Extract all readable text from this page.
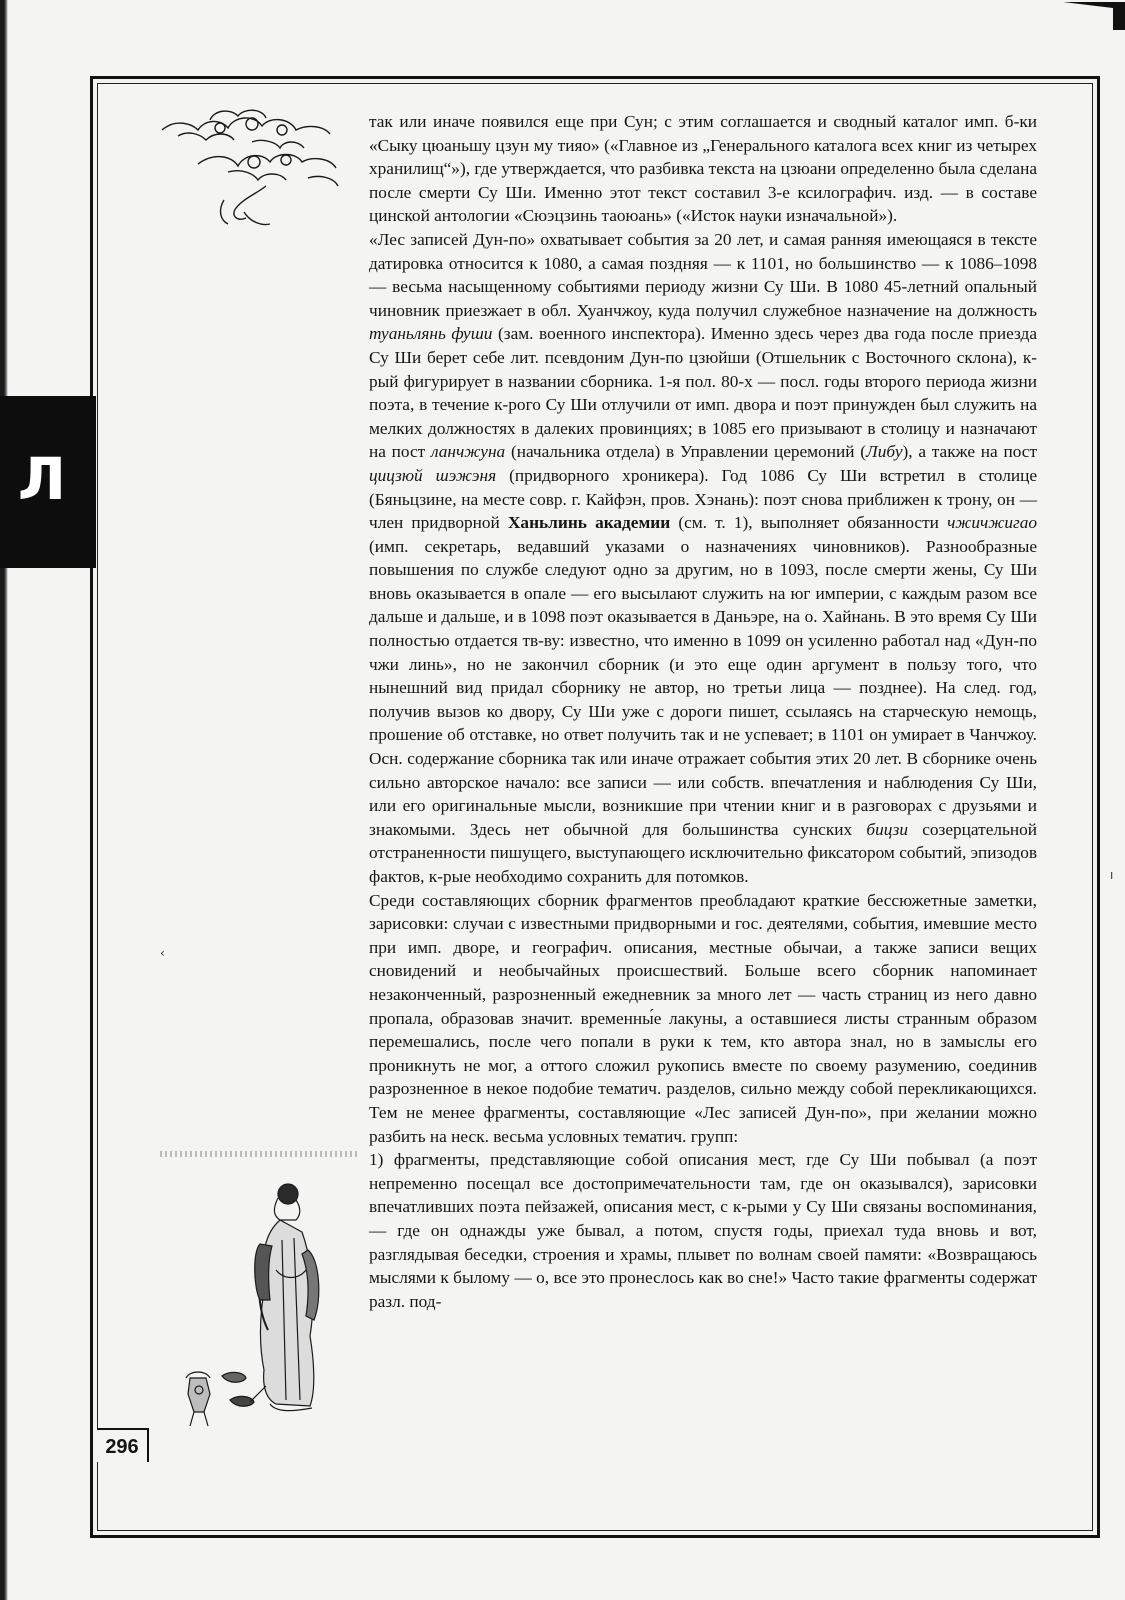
Л

так или иначе появился еще при Сун; с этим соглашается и сводный каталог имп. б-ки «Сыку цюаньшу цзун му тияо» («Главное из „Генерального каталога всех книг из четырех хранилищ“»), где утверждается, что разбивка текста на цзюани определенно была сделана после смерти Су Ши. Именно этот текст составил 3-е ксилографич. изд. — в составе цинской антологии «Сюэцзинь таоюань» («Исток науки изначальной»).

«Лес записей Дун-по» охватывает события за 20 лет, и самая ранняя имеющаяся в тексте датировка относится к 1080, а самая поздняя — к 1101, но большинство — к 1086–1098 — весьма насыщенному событиями периоду жизни Су Ши. В 1080 45-летний опальный чиновник приезжает в обл. Хуанчжоу, куда получил служебное назначение на должность туаньлянь фуши (зам. военного инспектора). Именно здесь через два года после приезда Су Ши берет себе лит. псевдоним Дун-по цзюйши (Отшельник с Восточного склона), к-рый фигурирует в названии сборника. 1-я пол. 80-х — посл. годы второго периода жизни поэта, в течение к-рого Су Ши отлучили от имп. двора и поэт принужден был служить на мелких должностях в далеких провинциях; в 1085 его призывают в столицу и назначают на пост ланчжуна (начальника отдела) в Управлении церемоний (Либу), а также на пост цицзюй шэжэня (придворного хроникера). Год 1086 Су Ши встретил в столице (Бяньцзине, на месте совр. г. Кайфэн, пров. Хэнань): поэт снова приближен к трону, он — член придворной Ханьлинь академии (см. т. 1), выполняет обязанности чжичжигао (имп. секретарь, ведавший указами о назначениях чиновников). Разнообразные повышения по службе следуют одно за другим, но в 1093, после смерти жены, Су Ши вновь оказывается в опале — его высылают служить на юг империи, с каждым разом все дальше и дальше, и в 1098 поэт оказывается в Даньэре, на о. Хайнань. В это время Су Ши полностью отдается тв-ву: известно, что именно в 1099 он усиленно работал над «Дун-по чжи линь», но не закончил сборник (и это еще один аргумент в пользу того, что нынешний вид придал сборнику не автор, но третьи лица — позднее). На след. год, получив вызов ко двору, Су Ши уже с дороги пишет, ссылаясь на старческую немощь, прошение об отставке, но ответ получить так и не успевает; в 1101 он умирает в Чанчжоу. Осн. содержание сборника так или иначе отражает события этих 20 лет. В сборнике очень сильно авторское начало: все записи — или собств. впечатления и наблюдения Су Ши, или его оригинальные мысли, возникшие при чтении книг и в разговорах с друзьями и знакомыми. Здесь нет обычной для большинства сунских бицзи созерцательной отстраненности пишущего, выступающего исключительно фиксатором событий, эпизодов фактов, к-рые необходимо сохранить для потомков.

Среди составляющих сборник фрагментов преобладают краткие бессюжетные заметки, зарисовки: случаи с известными придворными и гос. деятелями, события, имевшие место при имп. дворе, и географич. описания, местные обычаи, а также записи вещих сновидений и необычайных происшествий. Больше всего сборник напоминает незаконченный, разрозненный ежедневник за много лет — часть страниц из него давно пропала, образовав значит. временны́е лакуны, а оставшиеся листы странным образом перемешались, после чего попали в руки к тем, кто автора знал, но в замыслы его проникнуть не мог, а оттого сложил рукопись вместе по своему разумению, соединив разрозненное в некое подобие тематич. разделов, сильно между собой перекликающихся. Тем не менее фрагменты, составляющие «Лес записей Дун-по», при желании можно разбить на неск. весьма условных тематич. групп:

1) фрагменты, представляющие собой описания мест, где Су Ши побывал (а поэт непременно посещал все достопримечательности там, где он оказывался), зарисовки впечатливших поэта пейзажей, описания мест, с к-рыми у Су Ши связаны воспоминания, — где он однажды уже бывал, а потом, спустя годы, приехал туда вновь и вот, разглядывая беседки, строения и храмы, плывет по волнам своей памяти: «Возвращаюсь мыслями к былому — о, все это пронеслось как во сне!» Часто такие фрагменты содержат разл. под-

296
‹
ı
